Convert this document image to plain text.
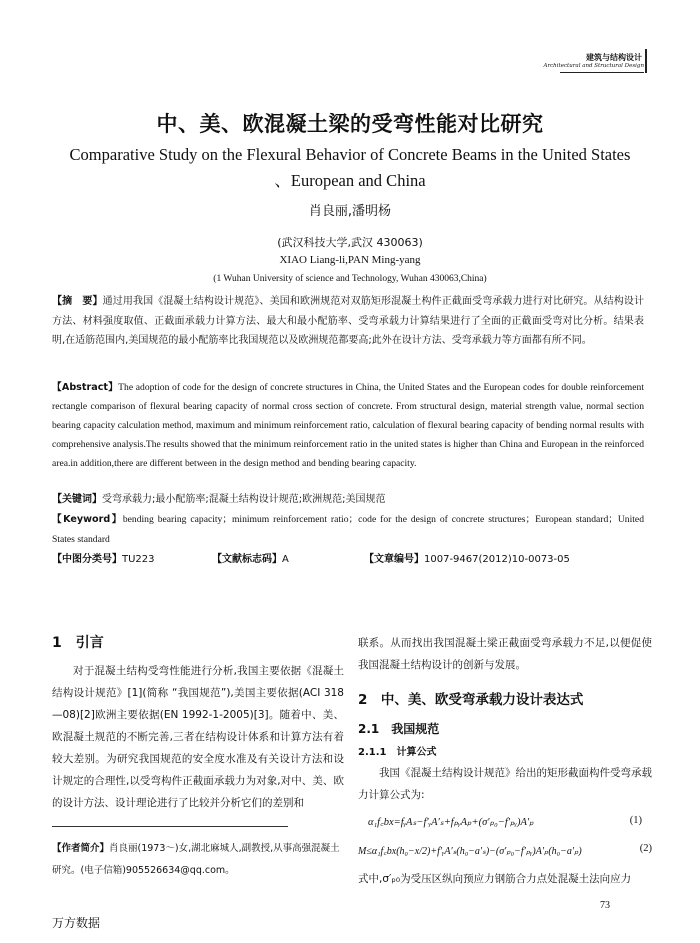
建筑与结构设计
Architectural and Structural Design
中、美、欧混凝土梁的受弯性能对比研究
Comparative Study on the Flexural Behavior of Concrete Beams in the United States 、European and China
肖良丽,潘明杨
(武汉科技大学,武汉 430063)
XIAO Liang-li,PAN Ming-yang
(1 Wuhan University of science and Technology, Wuhan 430063,China)
【摘　要】通过用我国《混凝土结构设计规范》、美国和欧洲规范对双筋矩形混凝土构件正截面受弯承载力进行对比研究。从结构设计方法、材料强度取值、正截面承载力计算方法、最大和最小配筋率、受弯承载力计算结果进行了全面的正截面受弯对比分析。结果表明,在适筋范围内,美国规范的最小配筋率比我国规范以及欧洲规范都要高;此外在设计方法、受弯承载力等方面都有所不同。
【Abstract】The adoption of code for the design of concrete structures in China, the United States and the European codes for double reinforcement rectangle comparison of flexural bearing capacity of normal cross section of concrete. From structural design, material strength value, normal section bearing capacity calculation method, maximum and minimum reinforcement ratio, calculation of flexural bearing capacity of bending normal results with comprehensive analysis.The results showed that the minimum reinforcement ratio in the united states is higher than China and European in the reinforced area.in addition,there are different between in the design method and bending bearing capacity.
【关键词】受弯承载力;最小配筋率;混凝土结构设计规范;欧洲规范;美国规范
【Keyword】bending bearing capacity；minimum reinforcement ratio；code for the design of concrete structures；European standard；United States standard
【中图分类号】TU223	【文献标志码】A	【文章编号】1007-9467(2012)10-0073-05
1　引言

对于混凝土结构受弯性能进行分析,我国主要依据《混凝土结构设计规范》[1](简称 “我国规范”),美国主要依据(ACI 318—08)[2]欧洲主要依据(EN 1992-1-2005)[3]。随着中、美、欧混凝土规范的不断完善,三者在结构设计体系和计算方法有着较大差别。为研究我国规范的安全度水准及有关设计方法和设计规定的合理性,以受弯构件正截面承载力为对象,对中、美、欧的设计方法、设计理论进行了比较并分析它们的差别和

【作者简介】肖良丽(1973～)女,湖北麻城人,副教授,从事高强混凝土研究。(电子信箱)905526634@qq.com。

联系。从而找出我国混凝土梁正截面受弯承载力不足,以便促使我国混凝土结构设计的创新与发展。

2　中、美、欧受弯承载力设计表达式
2.1　我国规范
2.1.1　计算公式

我国《混凝土结构设计规范》给出的矩形截面构件受弯承载力计算公式为:

α₁f꜀bx=fᵧAₛ−f′ᵧA′ₛ+fₚᵧAₚ+(σ′ₚ₀−f′ₚᵧ)A′ₚ	(1)
M≤α₁f꜀bx(h₀−x/2)+f′ᵧA′ₛ(h₀−a′ₛ)−(σ′ₚ₀−f′ₚᵧ)A′ₚ(h₀−a′ₚ)	(2)

式中,σ′ₚ₀为受压区纵向预应力钢筋合力点处混凝土法向应力

73
万方数据
